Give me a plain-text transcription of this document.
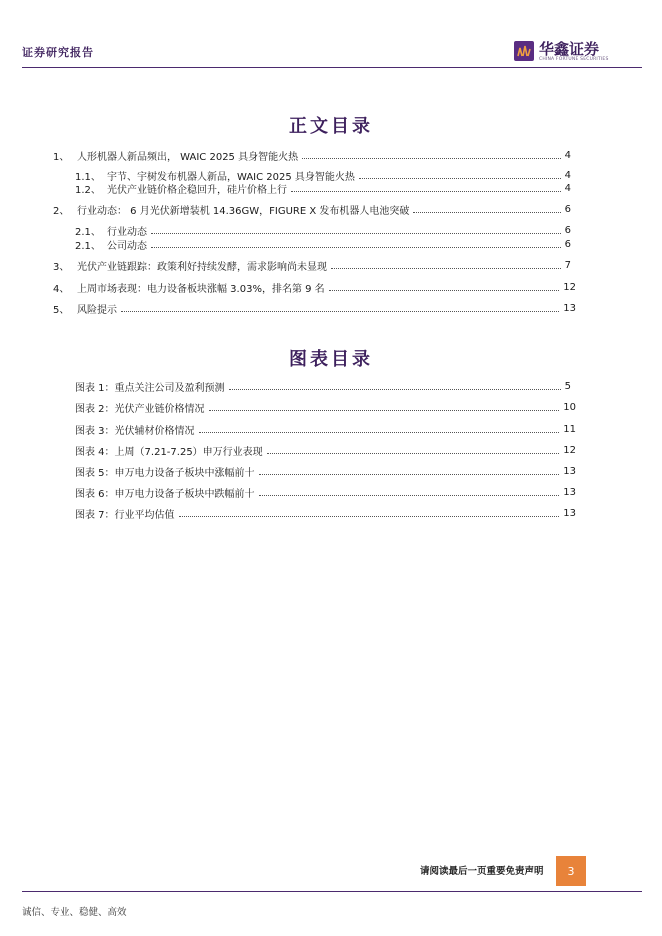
证券研究报告	华鑫证券
CHINA FORTUNE SECURITIES
正文目录
1、 人形机器人新品频出， WAIC 2025 具身智能火热	4
1.1、 宇节、宇树发布机器人新品，WAIC 2025 具身智能火热	4
1.2、 光伏产业链价格企稳回升，硅片价格上行	4
2、 行业动态： 6 月光伏新增装机 14.36GW，FIGURE X 发布机器人电池突破	6
2.1、 行业动态	6
2.1、 公司动态	6
3、 光伏产业链跟踪：政策利好持续发酵，需求影响尚未显现	7
4、 上周市场表现：电力设备板块涨幅 3.03%，排名第 9 名	12
5、 风险提示	13
图表目录
图表 1： 重点关注公司及盈利预测	5
图表 2： 光伏产业链价格情况	10
图表 3： 光伏辅材价格情况	11
图表 4： 上周（7.21-7.25）申万行业表现	12
图表 5： 申万电力设备子板块中涨幅前十	13
图表 6： 申万电力设备子板块中跌幅前十	13
图表 7： 行业平均估值	13
请阅读最后一页重要免责声明	3
诚信、专业、稳健、高效
